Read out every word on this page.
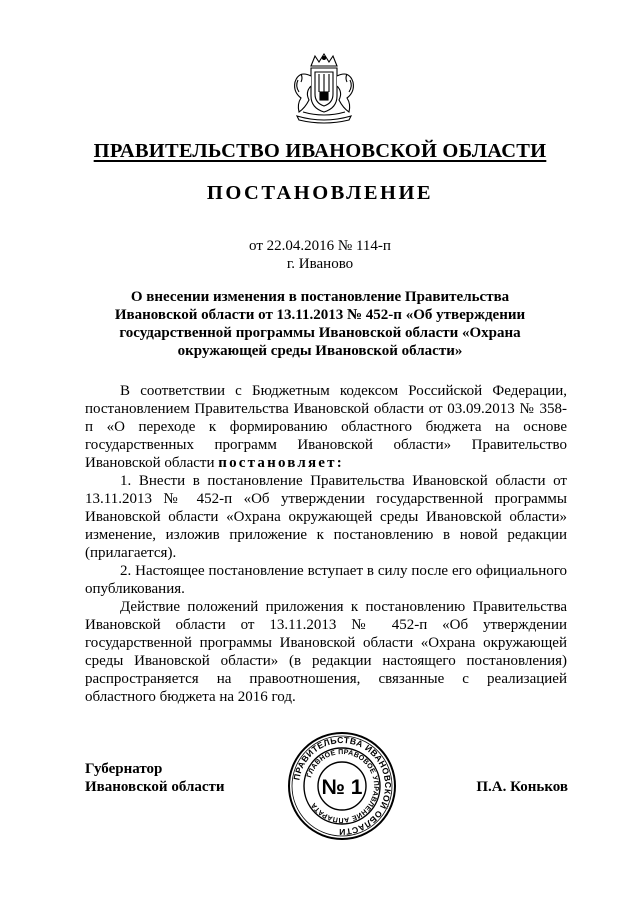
ПРАВИТЕЛЬСТВО ИВАНОВСКОЙ ОБЛАСТИ
ПОСТАНОВЛЕНИЕ
от 22.04.2016 № 114-п
г. Иваново
О внесении изменения в постановление Правительства Ивановской области от 13.11.2013 № 452-п «Об утверждении государственной программы Ивановской области «Охрана окружающей среды Ивановской области»

В соответствии с Бюджетным кодексом Российской Федерации, постановлением Правительства Ивановской области от 03.09.2013 № 358-п «О переходе к формированию областного бюджета на основе государственных программ Ивановской области» Правительство Ивановской области постановляет:

1. Внести в постановление Правительства Ивановской области от 13.11.2013 № 452-п «Об утверждении государственной программы Ивановской области «Охрана окружающей среды Ивановской области» изменение, изложив приложение к постановлению в новой редакции (прилагается).

2. Настоящее постановление вступает в силу после его официального опубликования.

Действие положений приложения к постановлению Правительства Ивановской области от 13.11.2013 № 452-п «Об утверждении государственной программы Ивановской области «Охрана окружающей среды Ивановской области» (в редакции настоящего постановления) распространяется на правоотношения, связанные с реализацией областного бюджета на 2016 год.

Губернатор
Ивановской области	П.А. Коньков
ПРАВИТЕЛЬСТВА ИВАНОВСКОЙ ОБЛАСТИ
ГЛАВНОЕ ПРАВОВОЕ УПРАВЛЕНИЕ АППАРАТА
№ 1
